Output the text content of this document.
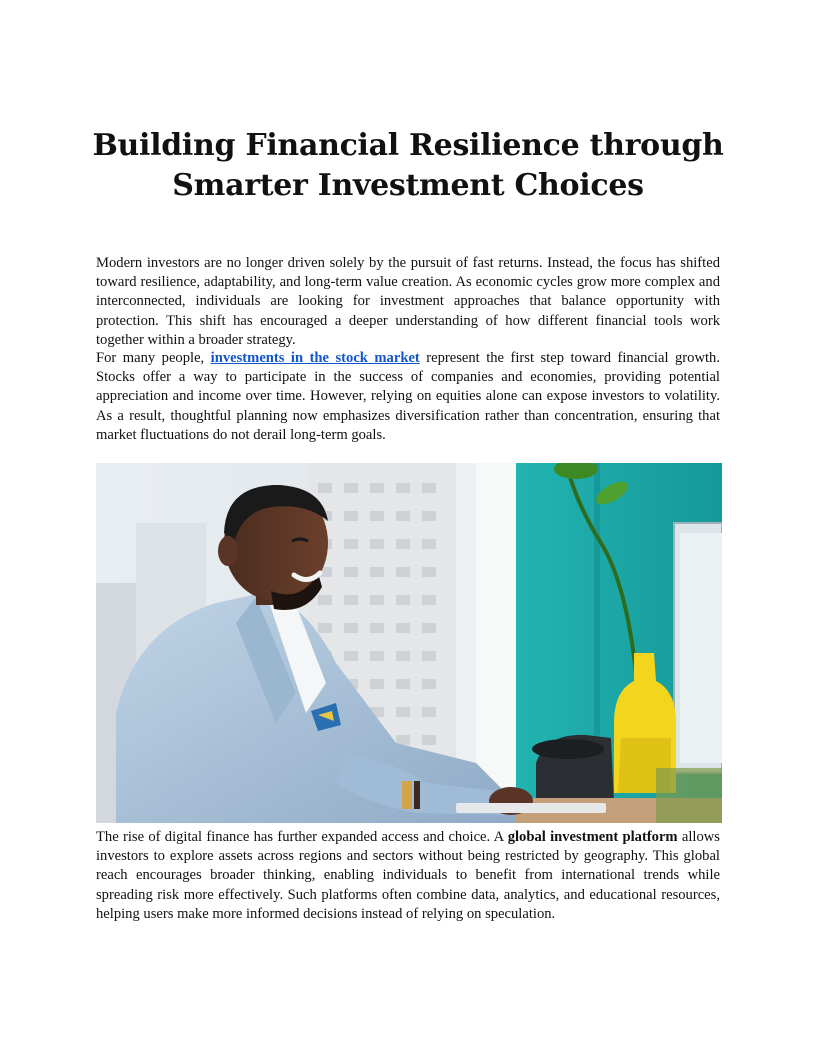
Building Financial Resilience through
Smarter Investment Choices

Modern investors are no longer driven solely by the pursuit of fast returns. Instead, the focus has shifted toward resilience, adaptability, and long-term value creation. As economic cycles grow more complex and interconnected, individuals are looking for investment approaches that balance opportunity with protection. This shift has encouraged a deeper understanding of how different financial tools work together within a broader strategy.

For many people, investments in the stock market represent the first step toward financial growth. Stocks offer a way to participate in the success of companies and economies, providing potential appreciation and income over time. However, relying on equities alone can expose investors to volatility. As a result, thoughtful planning now emphasizes diversification rather than concentration, ensuring that market fluctuations do not derail long-term goals.

The rise of digital finance has further expanded access and choice. A global investment platform allows investors to explore assets across regions and sectors without being restricted by geography. This global reach encourages broader thinking, enabling individuals to benefit from international trends while spreading risk more effectively. Such platforms often combine data, analytics, and educational resources, helping users make more informed decisions instead of relying on speculation.
